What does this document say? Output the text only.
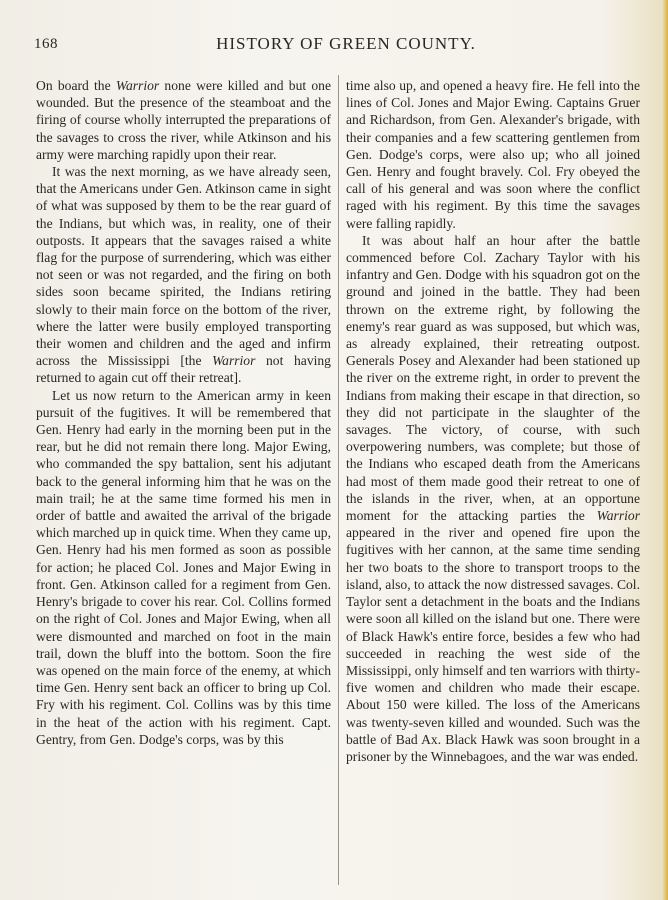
168	HISTORY OF GREEN COUNTY.

On board the Warrior none were killed and but one wounded. But the presence of the steamboat and the firing of course wholly interrupted the preparations of the savages to cross the river, while Atkinson and his army were marching rapidly upon their rear.

It was the next morning, as we have already seen, that the Americans under Gen. Atkinson came in sight of what was supposed by them to be the rear guard of the Indians, but which was, in reality, one of their outposts. It appears that the savages raised a white flag for the purpose of surrendering, which was either not seen or was not regarded, and the firing on both sides soon became spirited, the Indians retiring slowly to their main force on the bottom of the river, where the latter were busily employed transporting their women and children and the aged and infirm across the Mississippi [the Warrior not having returned to again cut off their retreat].

Let us now return to the American army in keen pursuit of the fugitives. It will be remembered that Gen. Henry had early in the morning been put in the rear, but he did not remain there long. Major Ewing, who commanded the spy battalion, sent his adjutant back to the general informing him that he was on the main trail; he at the same time formed his men in order of battle and awaited the arrival of the brigade which marched up in quick time. When they came up, Gen. Henry had his men formed as soon as possible for action; he placed Col. Jones and Major Ewing in front. Gen. Atkinson called for a regiment from Gen. Henry's brigade to cover his rear. Col. Collins formed on the right of Col. Jones and Major Ewing, when all were dismounted and marched on foot in the main trail, down the bluff into the bottom. Soon the fire was opened on the main force of the enemy, at which time Gen. Henry sent back an officer to bring up Col. Fry with his regiment. Col. Collins was by this time in the heat of the action with his regiment. Capt. Gentry, from Gen. Dodge's corps, was by this

time also up, and opened a heavy fire. He fell into the lines of Col. Jones and Major Ewing. Captains Gruer and Richardson, from Gen. Alexander's brigade, with their companies and a few scattering gentlemen from Gen. Dodge's corps, were also up; who all joined Gen. Henry and fought bravely. Col. Fry obeyed the call of his general and was soon where the conflict raged with his regiment. By this time the savages were falling rapidly.

It was about half an hour after the battle commenced before Col. Zachary Taylor with his infantry and Gen. Dodge with his squadron got on the ground and joined in the battle. They had been thrown on the extreme right, by following the enemy's rear guard as was supposed, but which was, as already explained, their retreating outpost. Generals Posey and Alexander had been stationed up the river on the extreme right, in order to prevent the Indians from making their escape in that direction, so they did not participate in the slaughter of the savages. The victory, of course, with such overpowering numbers, was complete; but those of the Indians who escaped death from the Americans had most of them made good their retreat to one of the islands in the river, when, at an opportune moment for the attacking parties the Warrior appeared in the river and opened fire upon the fugitives with her cannon, at the same time sending her two boats to the shore to transport troops to the island, also, to attack the now distressed savages. Col. Taylor sent a detachment in the boats and the Indians were soon all killed on the island but one. There were of Black Hawk's entire force, besides a few who had succeeded in reaching the west side of the Mississippi, only himself and ten warriors with thirty-five women and children who made their escape. About 150 were killed. The loss of the Americans was twenty-seven killed and wounded. Such was the battle of Bad Ax. Black Hawk was soon brought in a prisoner by the Winnebagoes, and the war was ended.
